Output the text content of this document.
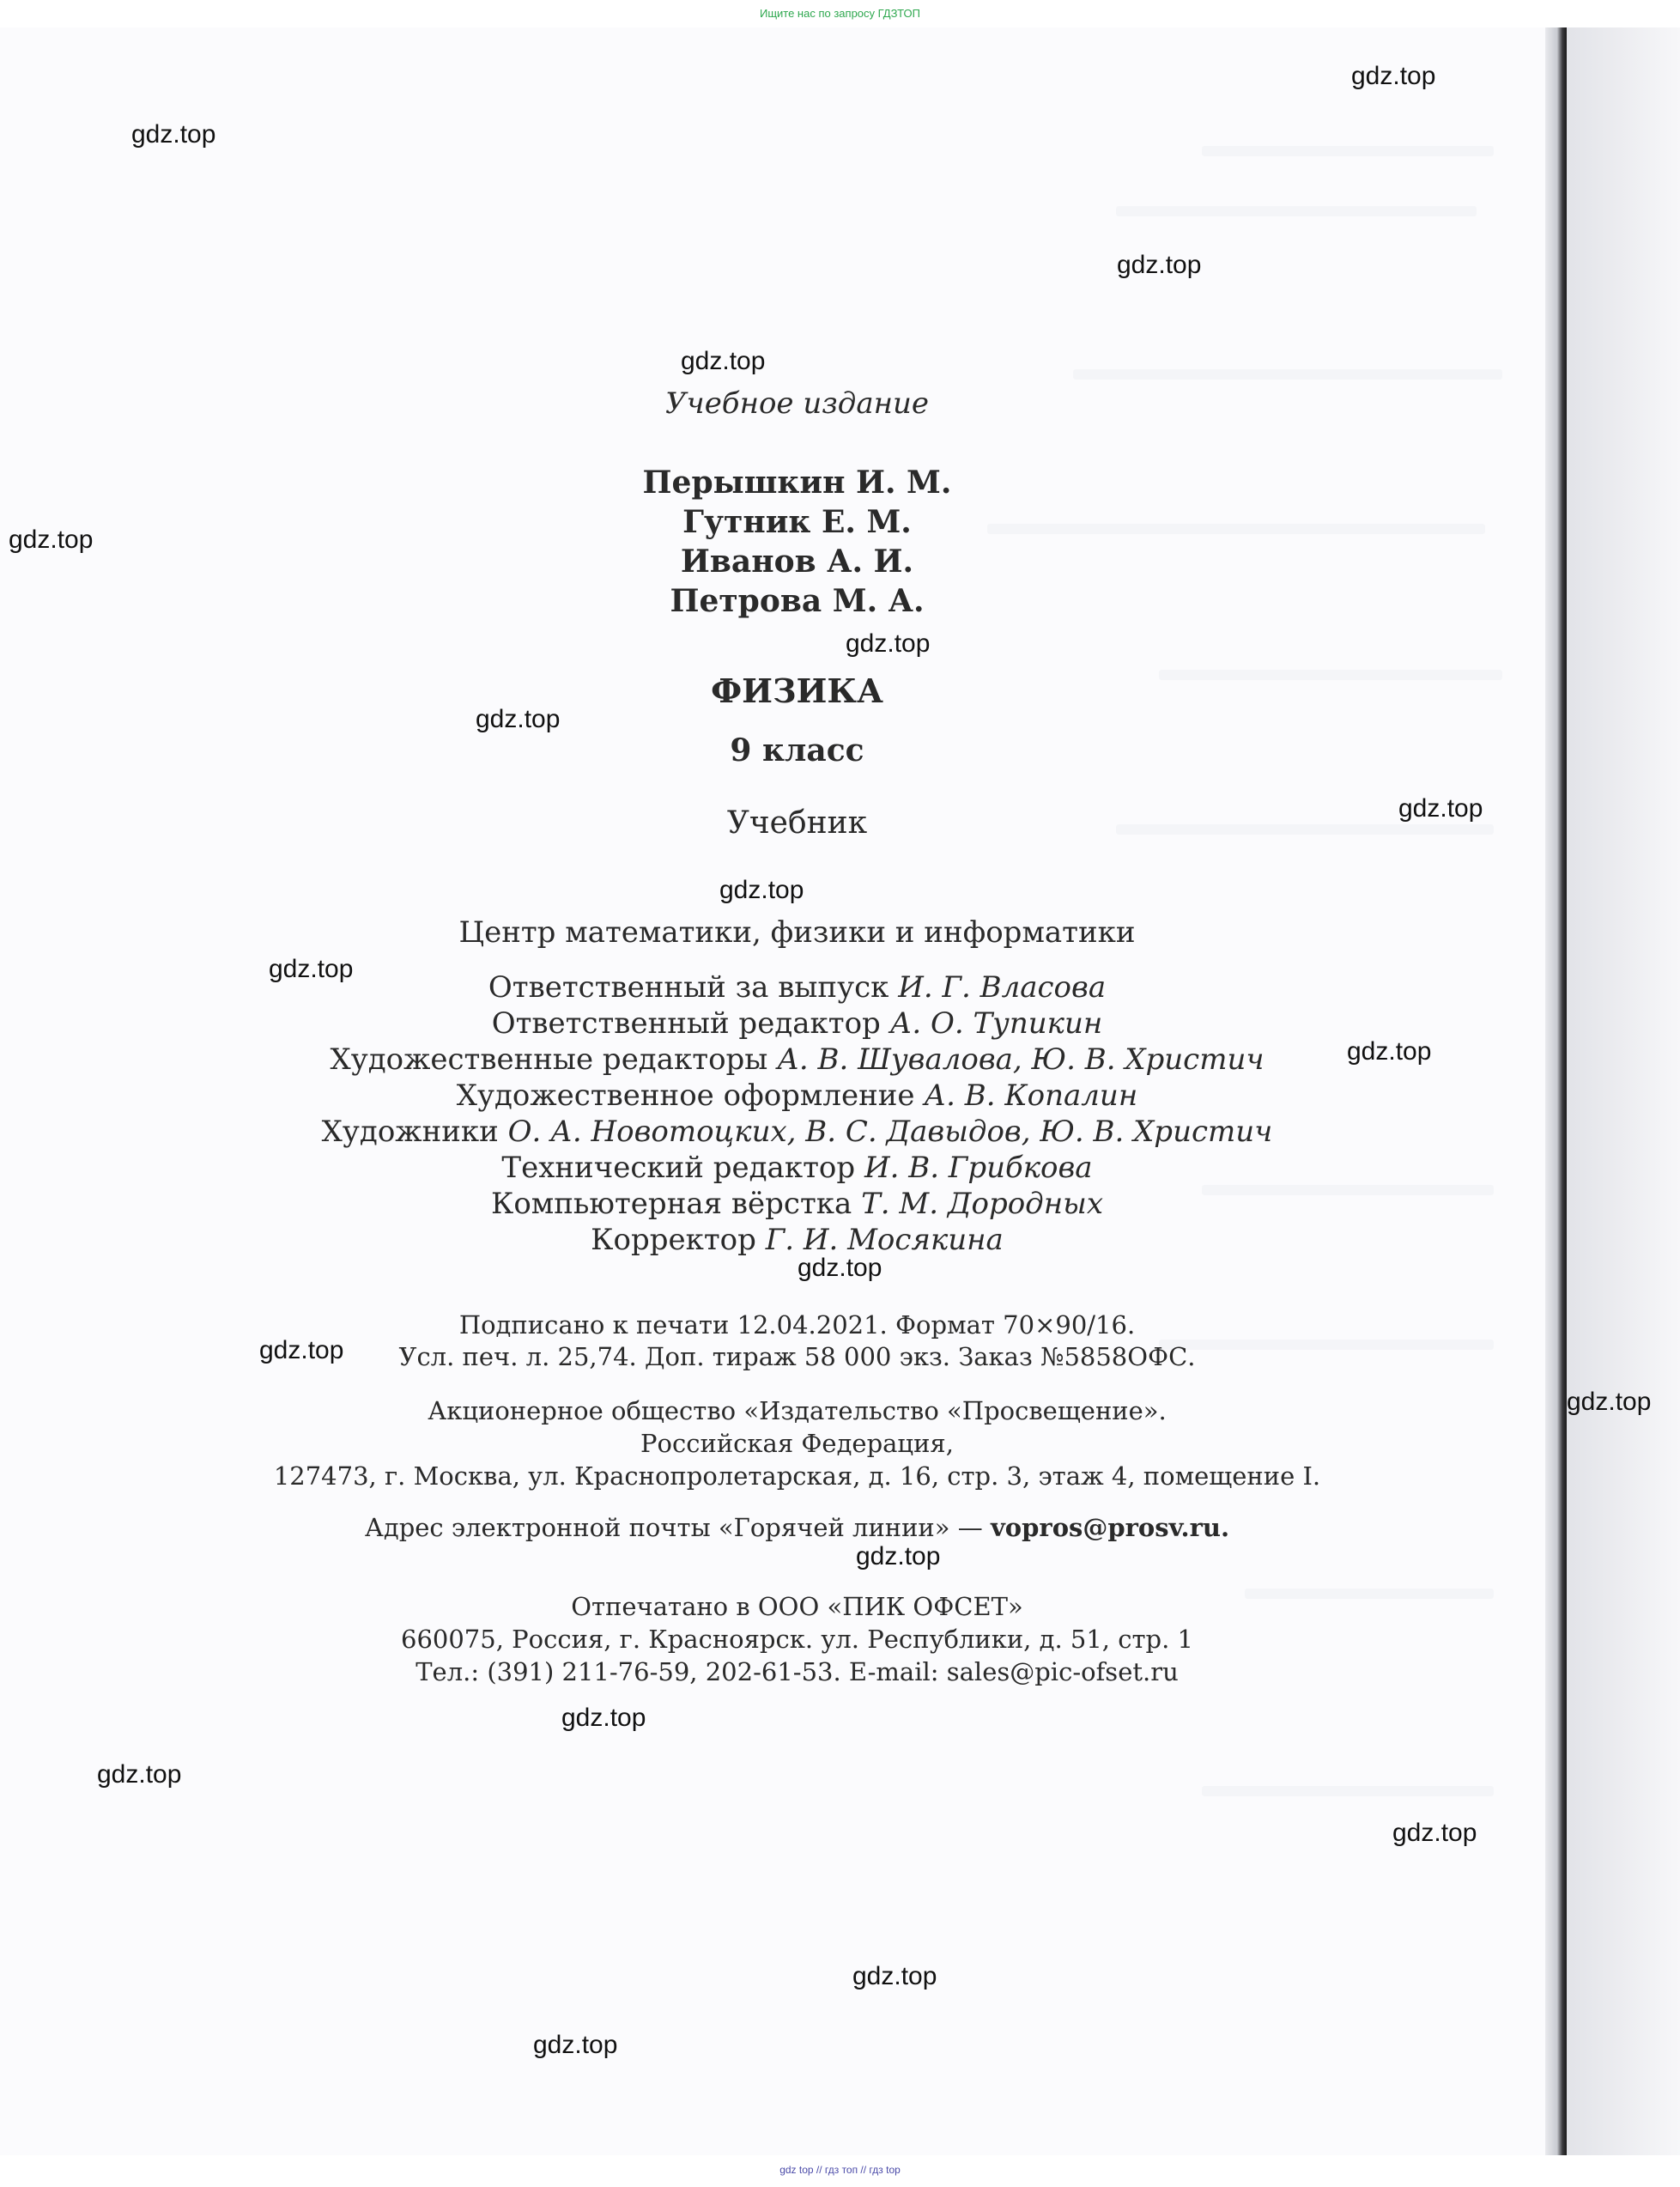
Ищите нас по запросу ГДЗТОП
gdz.top
gdz.top
gdz.top
gdz.top
gdz.top
gdz.top
gdz.top
gdz.top
gdz.top
gdz.top
gdz.top
gdz.top
gdz.top
gdz.top
gdz.top
gdz.top
gdz.top
gdz.top
gdz.top
gdz.top
Учебное издание
Перышкин И. М.
Гутник Е. М.
Иванов А. И.
Петрова М. А.
ФИЗИКА
9 класс
Учебник
Центр математики, физики и информатики
Ответственный за выпуск И. Г. Власова
Ответственный редактор А. О. Тупикин
Художественные редакторы А. В. Шувалова, Ю. В. Христич
Художественное оформление А. В. Копалин
Художники О. А. Новотоцких, В. С. Давыдов, Ю. В. Христич
Технический редактор И. В. Грибкова
Компьютерная вёрстка Т. М. Дородных
Корректор Г. И. Мосякина
Подписано к печати 12.04.2021. Формат 70×90/16.
Усл. печ. л. 25,74. Доп. тираж 58 000 экз. Заказ №5858ОФС.
Акционерное общество «Издательство «Просвещение».
Российская Федерация,
127473, г. Москва, ул. Краснопролетарская, д. 16, стр. 3, этаж 4, помещение I.
Адрес электронной почты «Горячей линии» — vopros@prosv.ru.
Отпечатано в ООО «ПИК ОФСЕТ»
660075, Россия, г. Красноярск. ул. Республики, д. 51, стр. 1
Тел.: (391) 211-76-59, 202-61-53. E-mail: sales@pic-ofset.ru
gdz top // гдз топ // гдз top
